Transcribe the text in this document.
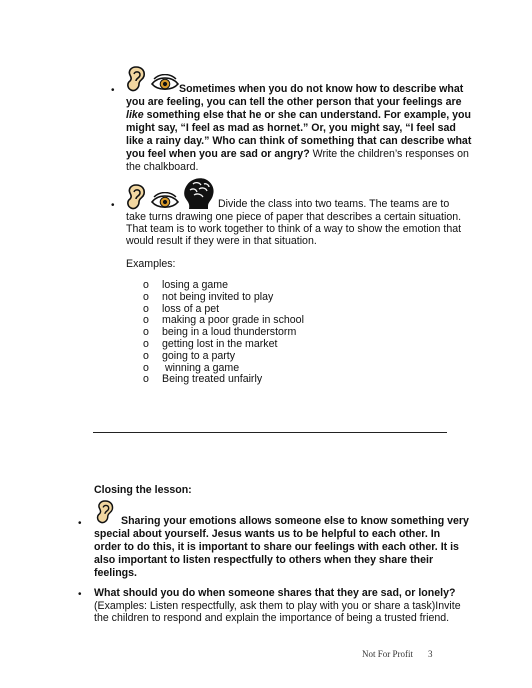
•	Sometimes when you do not know how to describe what
you are feeling, you can tell the other person that your feelings are
like something else that he or she can understand. For example, you
might say, “I feel as mad as hornet.” Or, you might say, “I feel sad
like a rainy day.” Who can think of something that can describe what
you feel when you are sad or angry? Write the children’s responses on
the chalkboard.
•	Divide the class into two teams. The teams are to
take turns drawing one piece of paper that describes a certain situation.
That team is to work together to think of a way to show the emotion that
would result if they were in that situation.
Examples:
o losing a game
o not being invited to play
o loss of a pet
o making a poor grade in school
o being in a loud thunderstorm
o getting lost in the market
o going to a party
o winning a game
o Being treated unfairly
Closing the lesson:
•	Sharing your emotions allows someone else to know something very
special about yourself. Jesus wants us to be helpful to each other. In
order to do this, it is important to share our feelings with each other. It is
also important to listen respectfully to others when they share their
feelings.
• What should you do when someone shares that they are sad, or lonely?
(Examples: Listen respectfully, ask them to play with you or share a task)Invite
the children to respond and explain the importance of being a trusted friend.
Not For Profit 3
